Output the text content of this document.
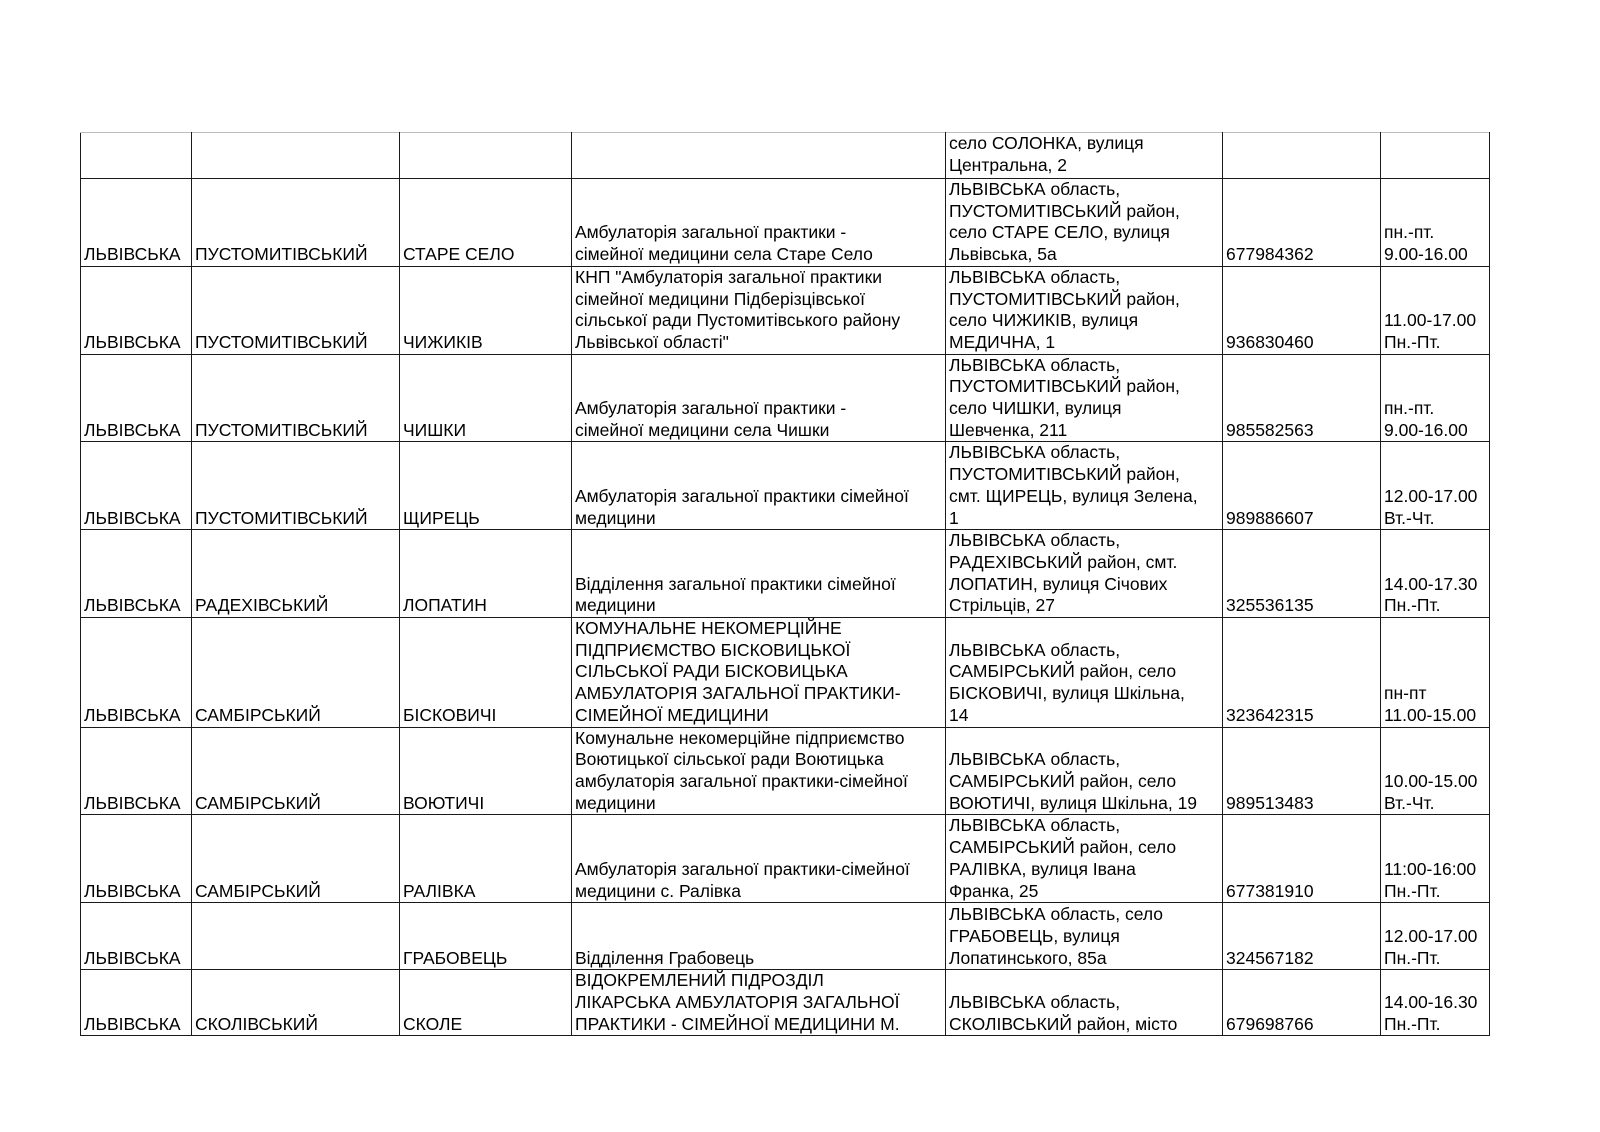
				село СОЛОНКА, вулиця
Центральна, 2		
ЛЬВІВСЬКА	ПУСТОМИТІВСЬКИЙ	СТАРЕ СЕЛО	Амбулаторія загальної практики -
сімейної медицини села Старе Село	ЛЬВІВСЬКА область,
ПУСТОМИТІВСЬКИЙ район,
село СТАРЕ СЕЛО, вулиця
Львівська, 5а	677984362	пн.-пт.
9.00-16.00
ЛЬВІВСЬКА	ПУСТОМИТІВСЬКИЙ	ЧИЖИКІВ	КНП "Амбулаторія загальної практики
сімейної медицини Підберізцівської
сільської ради Пустомитівського району
Львівської області"	ЛЬВІВСЬКА область,
ПУСТОМИТІВСЬКИЙ район,
село ЧИЖИКІВ, вулиця
МЕДИЧНА, 1	936830460	11.00-17.00
Пн.-Пт.
ЛЬВІВСЬКА	ПУСТОМИТІВСЬКИЙ	ЧИШКИ	Амбулаторія загальної практики -
сімейної медицини села Чишки	ЛЬВІВСЬКА область,
ПУСТОМИТІВСЬКИЙ район,
село ЧИШКИ, вулиця
Шевченка, 211	985582563	пн.-пт.
9.00-16.00
ЛЬВІВСЬКА	ПУСТОМИТІВСЬКИЙ	ЩИРЕЦЬ	Амбулаторія загальної практики сімейної
медицини	ЛЬВІВСЬКА область,
ПУСТОМИТІВСЬКИЙ район,
смт. ЩИРЕЦЬ, вулиця Зелена,
1	989886607	12.00-17.00
Вт.-Чт.
ЛЬВІВСЬКА	РАДЕХІВСЬКИЙ	ЛОПАТИН	Відділення загальної практики сімейної
медицини	ЛЬВІВСЬКА область,
РАДЕХІВСЬКИЙ район, смт.
ЛОПАТИН, вулиця Січових
Стрільців, 27	325536135	14.00-17.30
Пн.-Пт.
ЛЬВІВСЬКА	САМБІРСЬКИЙ	БІСКОВИЧІ	КОМУНАЛЬНЕ НЕКОМЕРЦІЙНЕ
ПІДПРИЄМСТВО БІСКОВИЦЬКОЇ
СІЛЬСЬКОЇ РАДИ БІСКОВИЦЬКА
АМБУЛАТОРІЯ ЗАГАЛЬНОЇ ПРАКТИКИ-
СІМЕЙНОЇ МЕДИЦИНИ	ЛЬВІВСЬКА область,
САМБІРСЬКИЙ район, село
БІСКОВИЧІ, вулиця Шкільна,
14	323642315	пн-пт
11.00-15.00
ЛЬВІВСЬКА	САМБІРСЬКИЙ	ВОЮТИЧІ	Комунальне некомерційне підприємство
Воютицької сільської ради Воютицька
амбулаторія загальної практики-сімейної
медицини	ЛЬВІВСЬКА область,
САМБІРСЬКИЙ район, село
ВОЮТИЧІ, вулиця Шкільна, 19	989513483	10.00-15.00
Вт.-Чт.
ЛЬВІВСЬКА	САМБІРСЬКИЙ	РАЛІВКА	Амбулаторія загальної практики-сімейної
медицини с. Ралівка	ЛЬВІВСЬКА область,
САМБІРСЬКИЙ район, село
РАЛІВКА, вулиця Івана
Франка, 25	677381910	11:00-16:00
Пн.-Пт.
ЛЬВІВСЬКА		ГРАБОВЕЦЬ	Відділення Грабовець	ЛЬВІВСЬКА область, село
ГРАБОВЕЦЬ, вулиця
Лопатинського, 85а	324567182	12.00-17.00
Пн.-Пт.
ЛЬВІВСЬКА	СКОЛІВСЬКИЙ	СКОЛЕ	ВІДОКРЕМЛЕНИЙ ПІДРОЗДІЛ
ЛІКАРСЬКА АМБУЛАТОРІЯ ЗАГАЛЬНОЇ
ПРАКТИКИ - СІМЕЙНОЇ МЕДИЦИНИ М.	ЛЬВІВСЬКА область,
СКОЛІВСЬКИЙ район, місто	679698766	14.00-16.30
Пн.-Пт.
